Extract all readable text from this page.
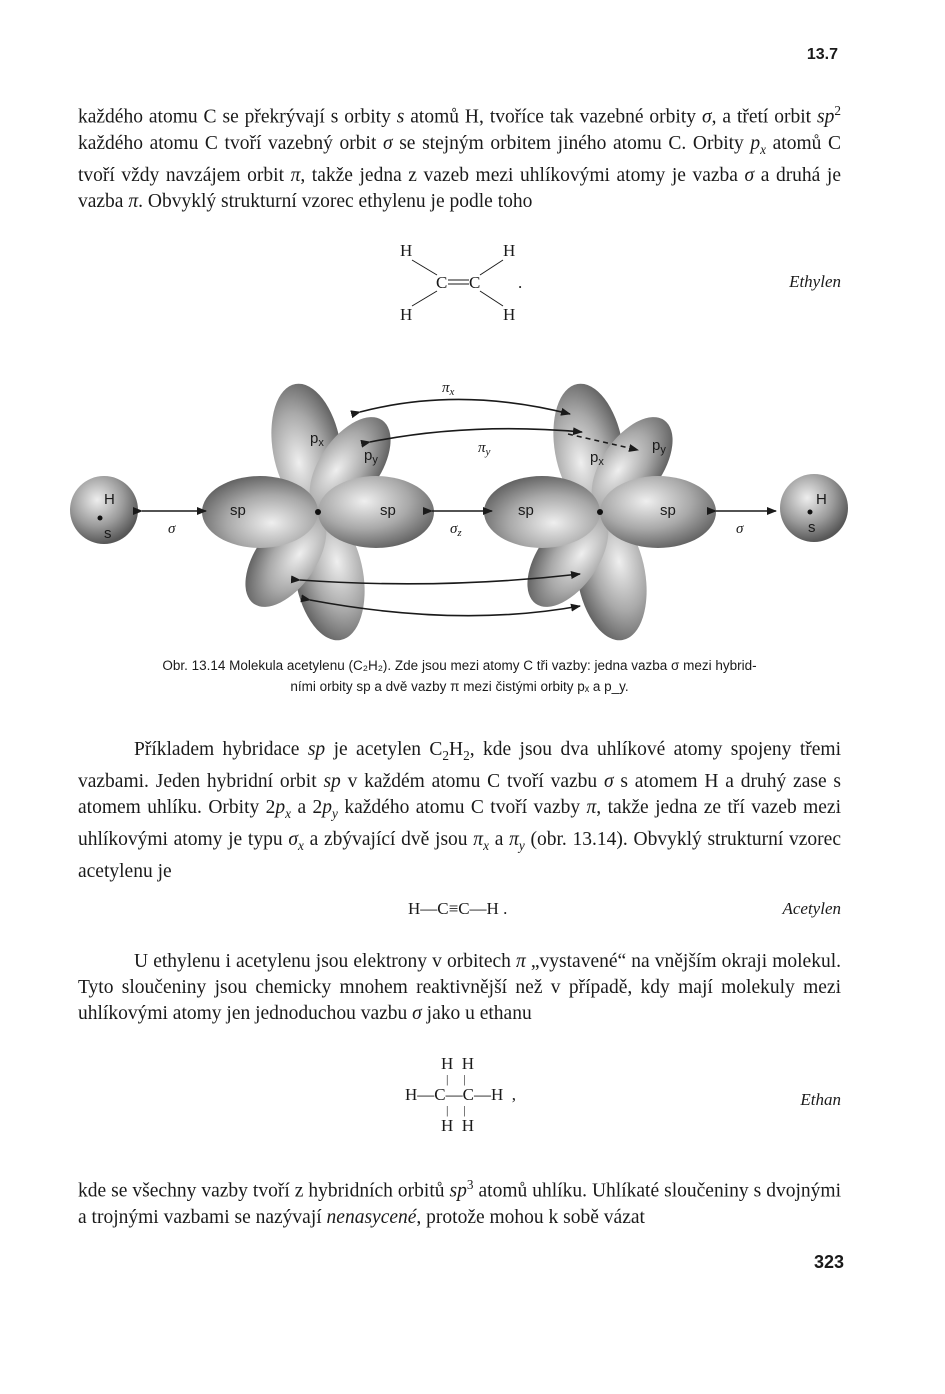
13.7

každého atomu C se překrývají s orbity s atomů H, tvoříce tak vazebné orbity σ, a třetí orbit $sp^2$ každého atomu C tvoří vazebný orbit σ se stejným orbitem jiného atomu C. Orbity $p_x$ atomů C tvoří vždy navzájem orbit π, takže jedna z vazeb mezi uhlíkovými atomy je vazba σ a druhá je vazba π. Obvyklý strukturní vzorec ethylenu je podle toho

H	H
C C
H	H
.	Ethylen
$p_x$
$p_y$
sp	sp	sp	sp
$p_x$
$p_y$
H	H
s	s
$\pi_x$
$\pi_y$
σ	$\sigma_z$	σ
Obr. 13.14 Molekula acetylenu (C₂H₂). Zde jsou mezi atomy C tři vazby: jedna vazba σ mezi hybrid-
ními orbity sp a dvě vazby π mezi čistými orbity pₓ a p_y.

Příkladem hybridace sp je acetylen $C_2H_2$, kde jsou dva uhlíkové atomy spojeny třemi vazbami. Jeden hybridní orbit sp v každém atomu C tvoří vazbu σ s atomem H a druhý zase s atomem uhlíku. Orbity $2p_x$ a $2p_y$ každého atomu C tvoří vazby π, takže jedna ze tří vazeb mezi uhlíkovými atomy je typu $\sigma_x$ a zbývající dvě jsou $\pi_x$ a $\pi_y$ (obr. 13.14). Obvyklý strukturní vzorec acetylenu je

H—C≡C—H .	Acetylen

U ethylenu i acetylenu jsou elektrony v orbitech π „vystavené“ na vnějším okraji molekul. Tyto sloučeniny jsou chemicky mnohem reaktivnější než v případě, kdy mají molekuly mezi uhlíkovými atomy jen jednoduchou vazbu σ jako u ethanu

H  H
|     |
H—C—C—H ,
|     |
H  H
Ethan

kde se všechny vazby tvoří z hybridních orbitů $sp^3$ atomů uhlíku. Uhlíkaté sloučeniny s dvojnými a trojnými vazbami se nazývají nenasycené, protože mohou k sobě vázat

323
